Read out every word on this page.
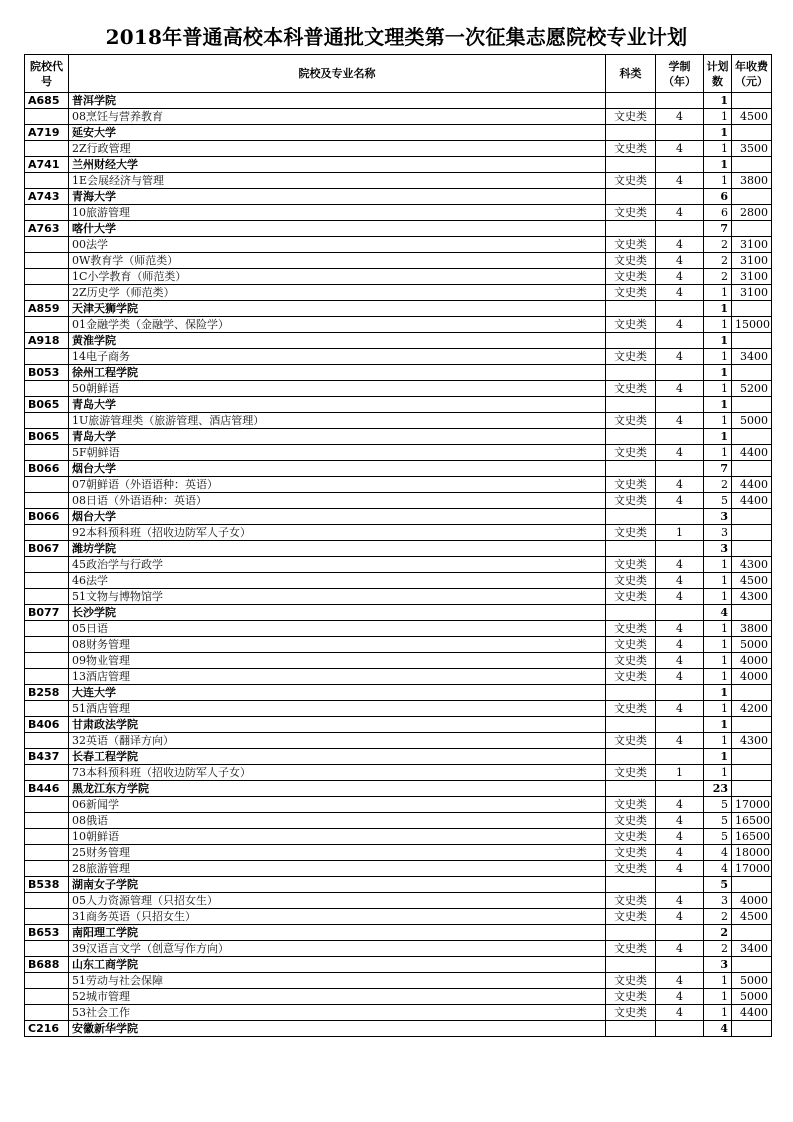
2018年普通高校本科普通批文理类第一次征集志愿院校专业计划
院校代号	院校及专业名称	科类	学制（年）	计划数	年收费（元）
A685	普洱学院			1	
	08烹饪与营养教育	文史类	4	1	4500
A719	延安大学			1	
	2Z行政管理	文史类	4	1	3500
A741	兰州财经大学			1	
	1E会展经济与管理	文史类	4	1	3800
A743	青海大学			6	
	10旅游管理	文史类	4	6	2800
A763	喀什大学			7	
	00法学	文史类	4	2	3100
	0W教育学（师范类）	文史类	4	2	3100
	1C小学教育（师范类）	文史类	4	2	3100
	2Z历史学（师范类）	文史类	4	1	3100
A859	天津天狮学院			1	
	01金融学类（金融学、保险学）	文史类	4	1	15000
A918	黄淮学院			1	
	14电子商务	文史类	4	1	3400
B053	徐州工程学院			1	
	50朝鲜语	文史类	4	1	5200
B065	青岛大学			1	
	1U旅游管理类（旅游管理、酒店管理）	文史类	4	1	5000
B065	青岛大学			1	
	5F朝鲜语	文史类	4	1	4400
B066	烟台大学			7	
	07朝鲜语（外语语种：英语）	文史类	4	2	4400
	08日语（外语语种：英语）	文史类	4	5	4400
B066	烟台大学			3	
	92本科预科班（招收边防军人子女）	文史类	1	3	
B067	潍坊学院			3	
	45政治学与行政学	文史类	4	1	4300
	46法学	文史类	4	1	4500
	51文物与博物馆学	文史类	4	1	4300
B077	长沙学院			4	
	05日语	文史类	4	1	3800
	08财务管理	文史类	4	1	5000
	09物业管理	文史类	4	1	4000
	13酒店管理	文史类	4	1	4000
B258	大连大学			1	
	51酒店管理	文史类	4	1	4200
B406	甘肃政法学院			1	
	32英语（翻译方向）	文史类	4	1	4300
B437	长春工程学院			1	
	73本科预科班（招收边防军人子女）	文史类	1	1	
B446	黑龙江东方学院			23	
	06新闻学	文史类	4	5	17000
	08俄语	文史类	4	5	16500
	10朝鲜语	文史类	4	5	16500
	25财务管理	文史类	4	4	18000
	28旅游管理	文史类	4	4	17000
B538	湖南女子学院			5	
	05人力资源管理（只招女生）	文史类	4	3	4000
	31商务英语（只招女生）	文史类	4	2	4500
B653	南阳理工学院			2	
	39汉语言文学（创意写作方向）	文史类	4	2	3400
B688	山东工商学院			3	
	51劳动与社会保障	文史类	4	1	5000
	52城市管理	文史类	4	1	5000
	53社会工作	文史类	4	1	4400
C216	安徽新华学院			4	
